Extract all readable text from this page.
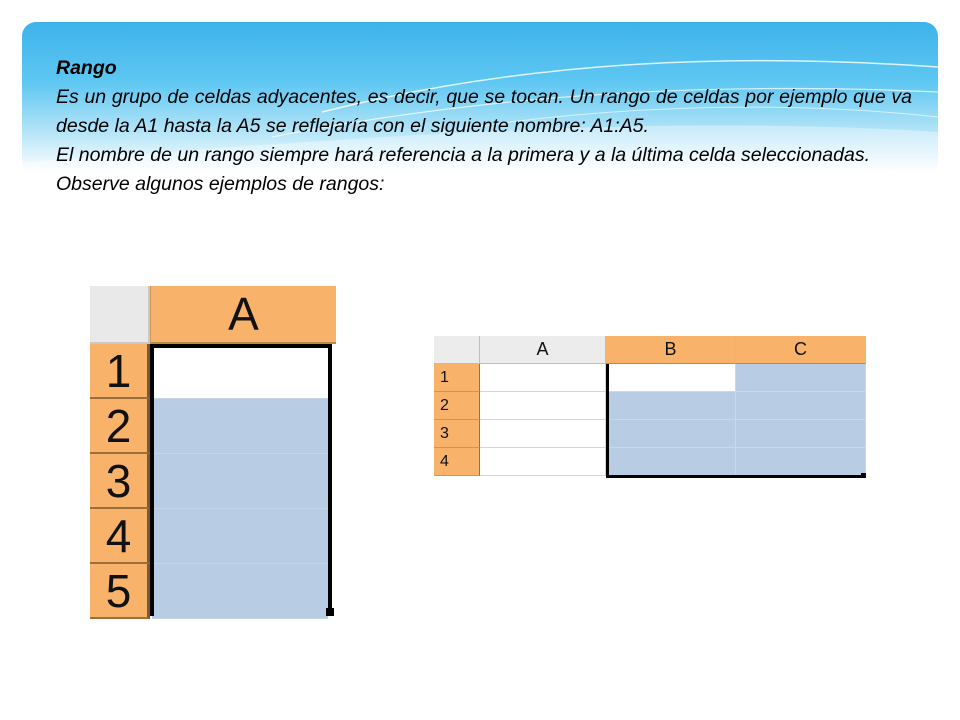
Rango

Es un grupo de celdas adyacentes, es decir, que se tocan. Un rango de celdas por ejemplo que va desde la A1 hasta la A5 se reflejaría con el siguiente nombre: A1:A5.

El nombre de un rango siempre hará referencia a la primera y a la última celda seleccionadas.

Observe algunos ejemplos de rangos:

A
1
2
3
4
5
A	B	C
1
2
3
4
